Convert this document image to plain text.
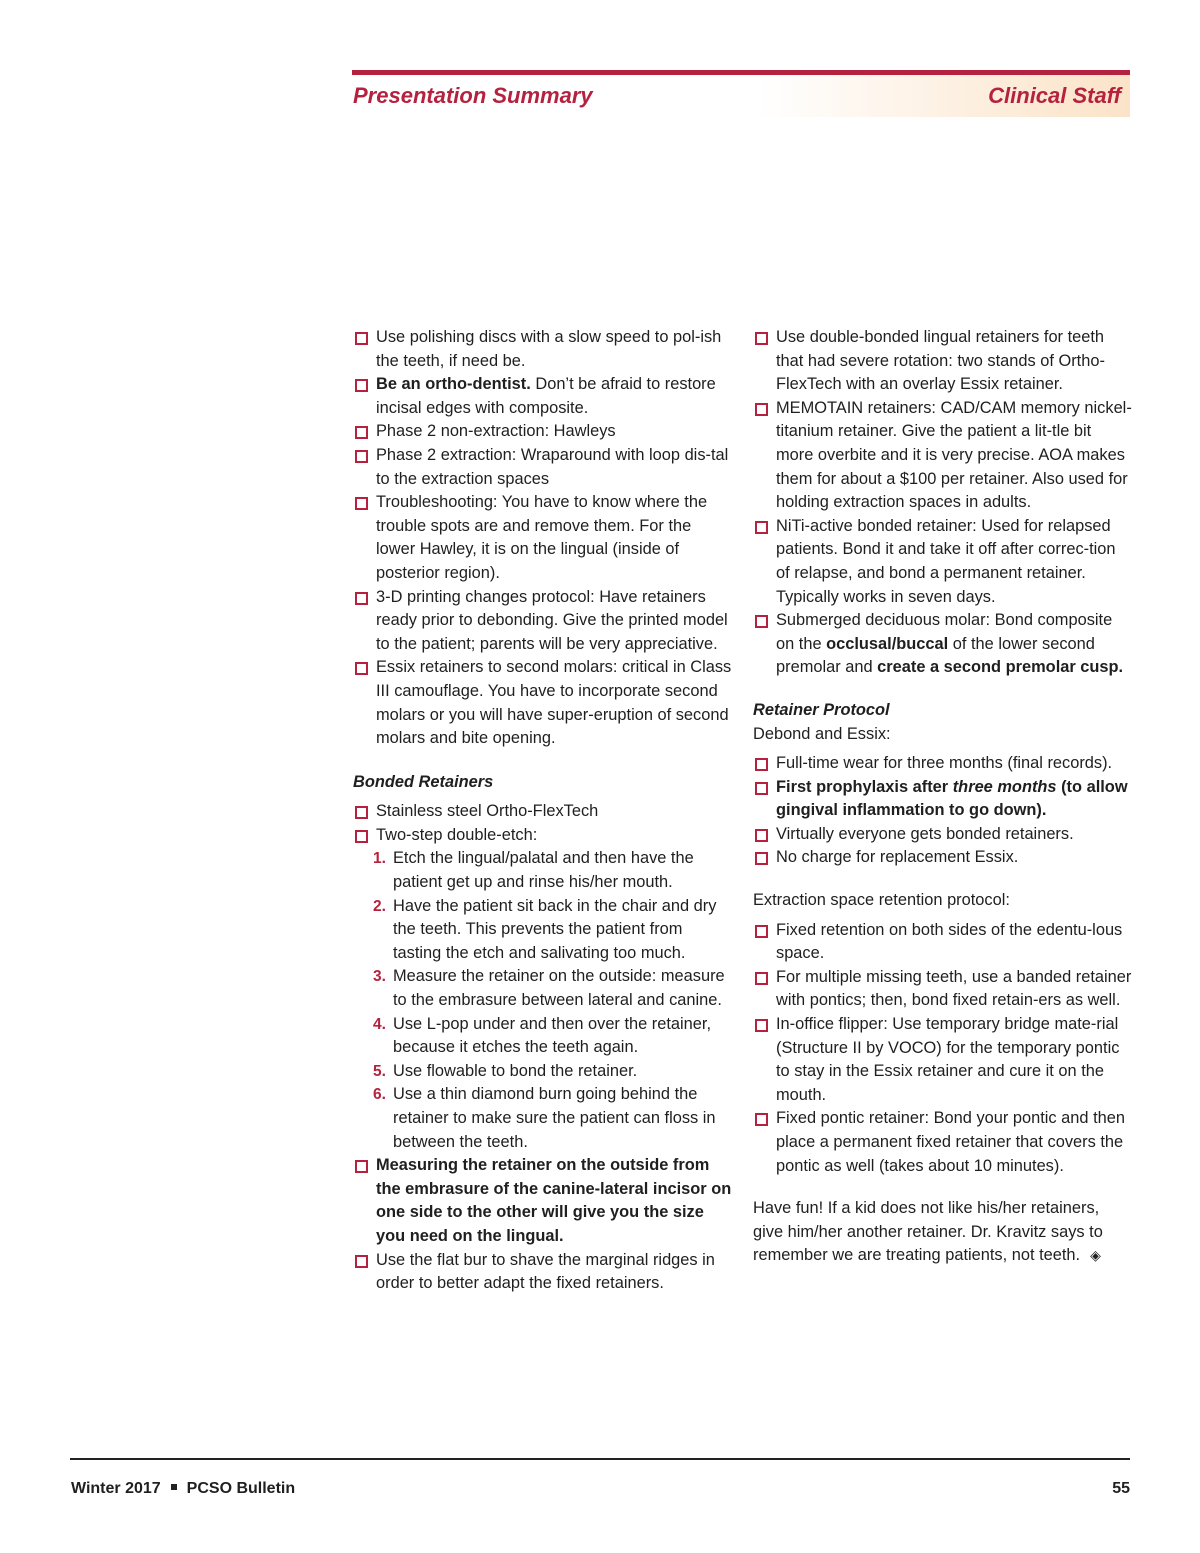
Presentation Summary	Clinical Staff
Use polishing discs with a slow speed to pol-ish the teeth, if need be.
Be an ortho-dentist. Don’t be afraid to restore incisal edges with composite.
Phase 2 non-extraction: Hawleys
Phase 2 extraction: Wraparound with loop dis-tal to the extraction spaces
Troubleshooting: You have to know where the trouble spots are and remove them. For the lower Hawley, it is on the lingual (inside of posterior region).
3-D printing changes protocol: Have retainers ready prior to debonding. Give the printed model to the patient; parents will be very appreciative.
Essix retainers to second molars: critical in Class III camouflage. You have to incorporate second molars or you will have super-eruption of second molars and bite opening.

Bonded Retainers

Stainless steel Ortho-FlexTech
Two-step double-etch:
1. Etch the lingual/palatal and then have the patient get up and rinse his/her mouth.
2. Have the patient sit back in the chair and dry the teeth. This prevents the patient from tasting the etch and salivating too much.
3. Measure the retainer on the outside: measure to the embrasure between lateral and canine.
4. Use L-pop under and then over the retainer, because it etches the teeth again.
5. Use flowable to bond the retainer.
6. Use a thin diamond burn going behind the retainer to make sure the patient can floss in between the teeth.
Measuring the retainer on the outside from the embrasure of the canine-lateral incisor on one side to the other will give you the size you need on the lingual.
Use the flat bur to shave the marginal ridges in order to better adapt the fixed retainers.
Use double-bonded lingual retainers for teeth that had severe rotation: two stands of Ortho-FlexTech with an overlay Essix retainer.
MEMOTAIN retainers: CAD/CAM memory nickel-titanium retainer. Give the patient a lit-tle bit more overbite and it is very precise. AOA makes them for about a $100 per retainer. Also used for holding extraction spaces in adults.
NiTi-active bonded retainer: Used for relapsed patients. Bond it and take it off after correc-tion of relapse, and bond a permanent retainer. Typically works in seven days.
Submerged deciduous molar: Bond composite on the occlusal/buccal of the lower second premolar and create a second premolar cusp.

Retainer Protocol

Debond and Essix:

Full-time wear for three months (final records).
First prophylaxis after three months (to allow gingival inflammation to go down).
Virtually everyone gets bonded retainers.
No charge for replacement Essix.

Extraction space retention protocol:

Fixed retention on both sides of the edentu-lous space.
For multiple missing teeth, use a banded retainer with pontics; then, bond fixed retain-ers as well.
In-office flipper: Use temporary bridge mate-rial (Structure II by VOCO) for the temporary pontic to stay in the Essix retainer and cure it on the mouth.
Fixed pontic retainer: Bond your pontic and then place a permanent fixed retainer that covers the pontic as well (takes about 10 minutes).

Have fun! If a kid does not like his/her retainers, give him/her another retainer. Dr. Kravitz says to remember we are treating patients, not teeth. ◈

Winter 2017 PCSO Bulletin	55
